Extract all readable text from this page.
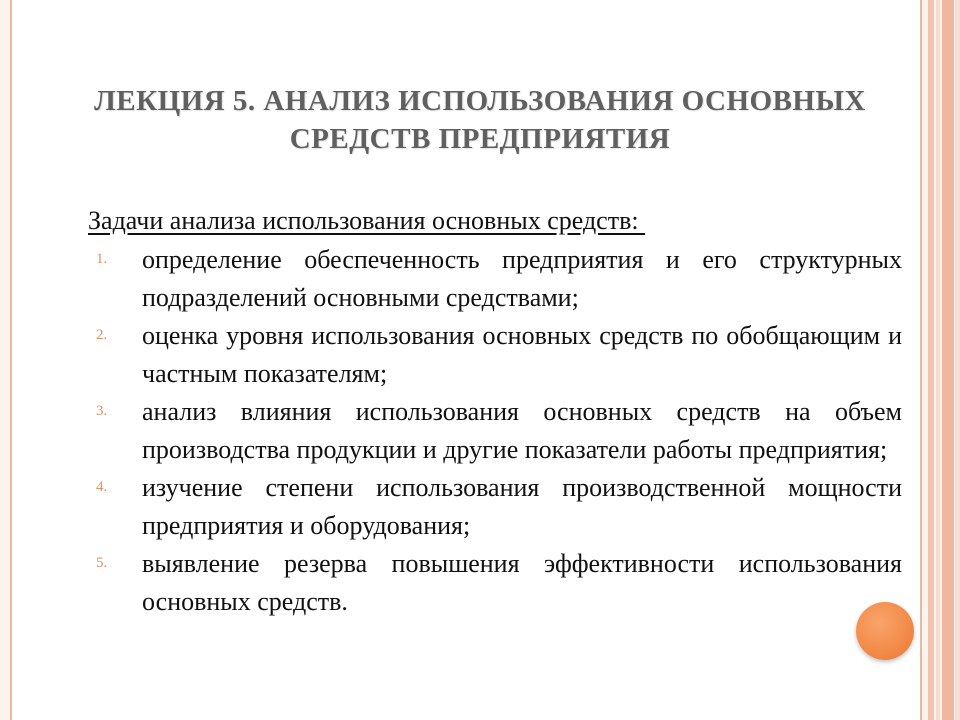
ЛЕКЦИЯ 5. АНАЛИЗ ИСПОЛЬЗОВАНИЯ ОСНОВНЫХ СРЕДСТВ ПРЕДПРИЯТИЯ

Задачи анализа использования основных средств:

1. определение обеспеченность предприятия и его структурных подразделений основными средствами;
2. оценка уровня использования основных средств по обобщающим и частным показателям;
3. анализ влияния использования основных средств на объем производства продукции и другие показатели работы предприятия;
4. изучение степени использования производственной мощности предприятия и оборудования;
5. выявление резерва повышения эффективности использования основных средств.
